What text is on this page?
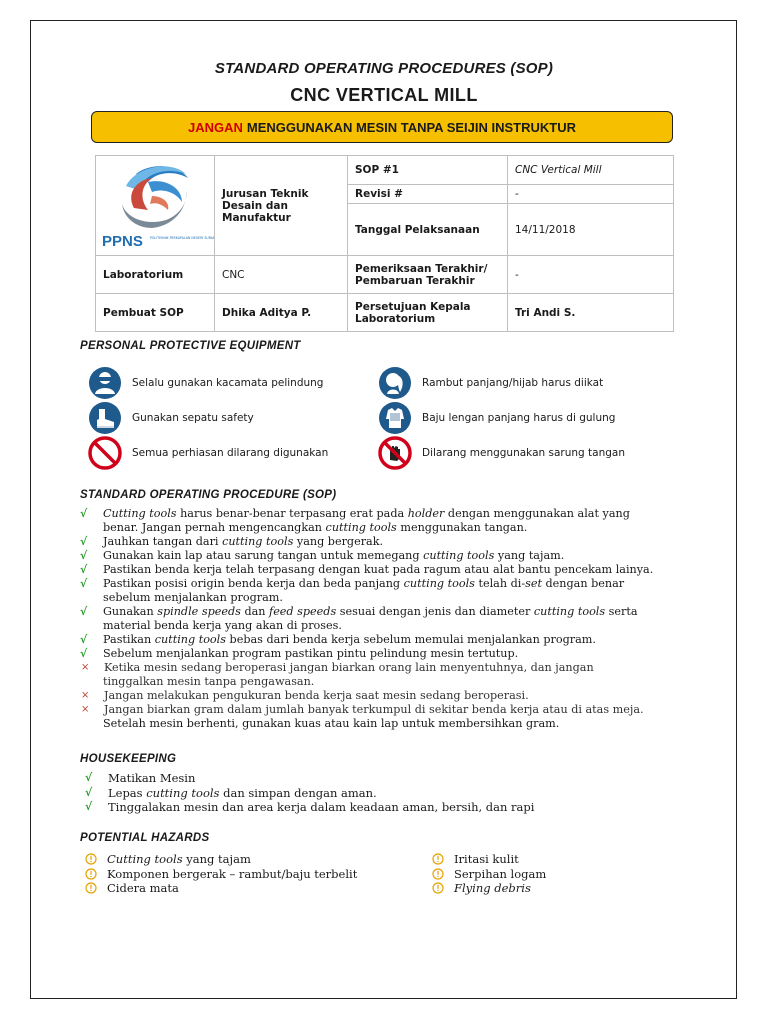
STANDARD OPERATING PROCEDURES (SOP)
CNC VERTICAL MILL
JANGAN MENGGUNAKAN MESIN TANPA SEIJIN INSTRUKTUR
PPNS POLITEKNIK PERKAPALAN NEGERI SURABAYA	Jurusan Teknik Desain dan Manufaktur	SOP #1	CNC Vertical Mill
		Revisi #	-
		Tanggal Pelaksanaan	14/11/2018
Laboratorium	CNC	Pemeriksaan Terakhir/ Pembaruan Terakhir	-
Pembuat SOP	Dhika Aditya P.	Persetujuan Kepala Laboratorium	Tri Andi S.
PERSONAL PROTECTIVE EQUIPMENT
Selalu gunakan kacamata pelindung	Rambut panjang/hijab harus diikat
Gunakan sepatu safety	Baju lengan panjang harus di gulung
Semua perhiasan dilarang digunakan	Dilarang menggunakan sarung tangan
STANDARD OPERATING PROCEDURE (SOP)
√	Cutting tools harus benar-benar terpasang erat pada holder dengan menggunakan alat yang
benar. Jangan pernah mengencangkan cutting tools menggunakan tangan.
√	Jauhkan tangan dari cutting tools yang bergerak.
√	Gunakan kain lap atau sarung tangan untuk memegang cutting tools yang tajam.
√	Pastikan benda kerja telah terpasang dengan kuat pada ragum atau alat bantu pencekam lainya.
√	Pastikan posisi origin benda kerja dan beda panjang cutting tools telah di-set dengan benar
sebelum menjalankan program.
√	Gunakan spindle speeds dan feed speeds sesuai dengan jenis dan diameter cutting tools serta
material benda kerja yang akan di proses.
√	Pastikan cutting tools bebas dari benda kerja sebelum memulai menjalankan program.
√	Sebelum menjalankan program pastikan pintu pelindung mesin tertutup.
×	Ketika mesin sedang beroperasi jangan biarkan orang lain menyentuhnya, dan jangan
tinggalkan mesin tanpa pengawasan.
×	Jangan melakukan pengukuran benda kerja saat mesin sedang beroperasi.
×	Jangan biarkan gram dalam jumlah banyak terkumpul di sekitar benda kerja atau di atas meja.
Setelah mesin berhenti, gunakan kuas atau kain lap untuk membersihkan gram.
HOUSEKEEPING
√	Matikan Mesin
√	Lepas cutting tools dan simpan dengan aman.
√	Tinggalakan mesin dan area kerja dalam keadaan aman, bersih, dan rapi
POTENTIAL HAZARDS
Cutting tools yang tajam
Komponen bergerak – rambut/baju terbelit
Cidera mata
Iritasi kulit
Serpihan logam
Flying debris
